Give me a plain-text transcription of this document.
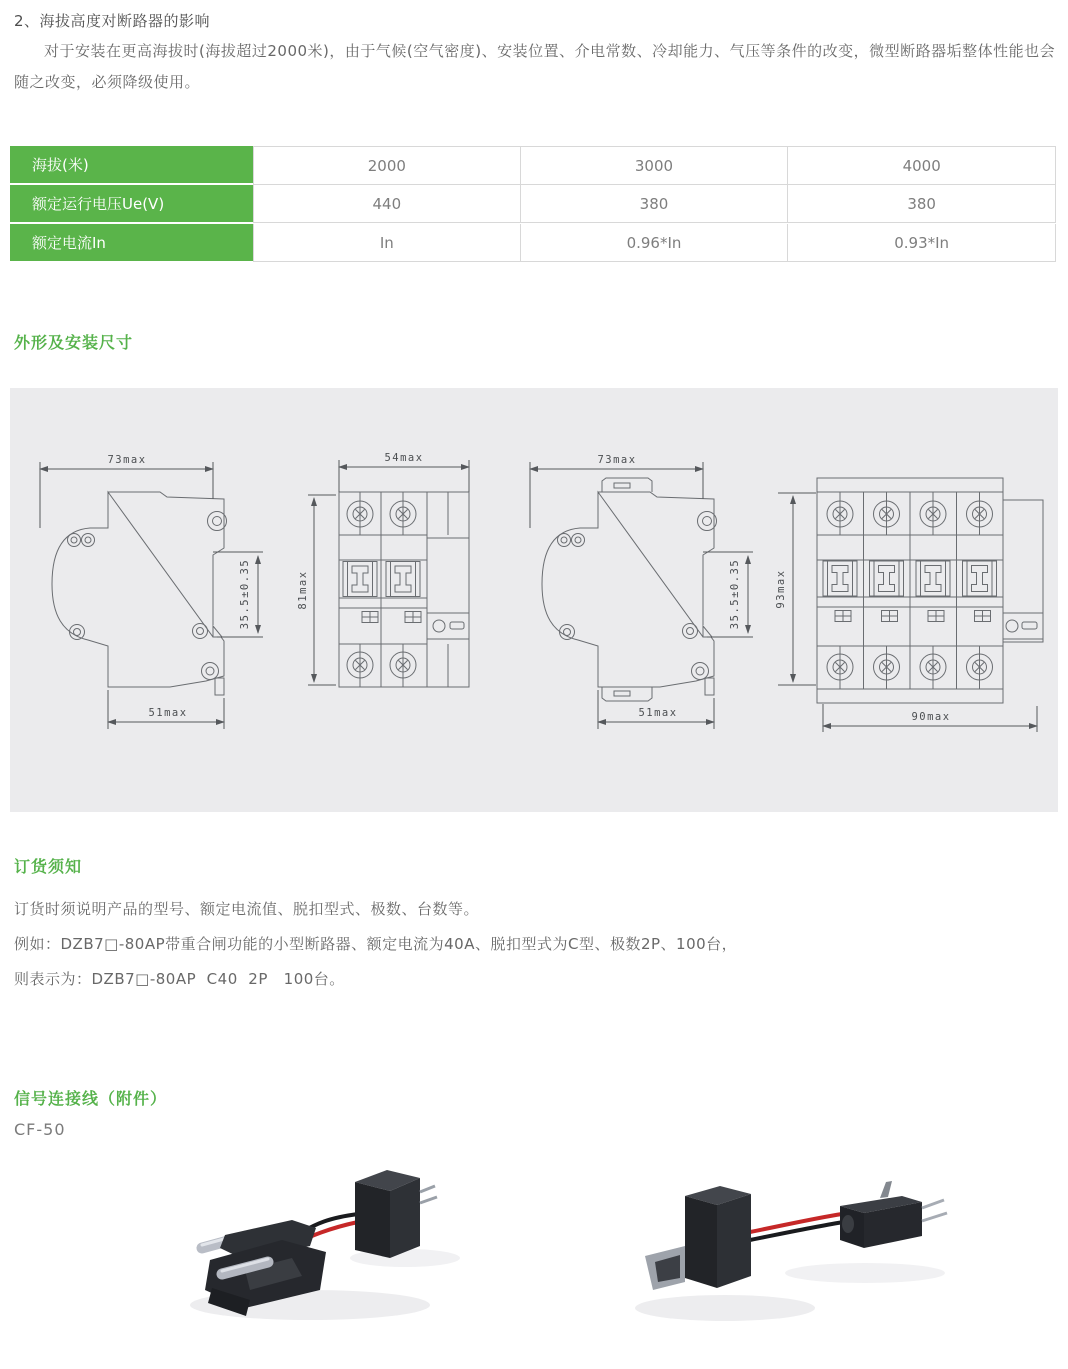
2、海拔高度对断路器的影响

对于安装在更高海拔时(海拔超过2000米)，由于气候(空气密度)、安装位置、介电常数、冷却能力、气压等条件的改变，微型断路器垢整体性能也会随之改变，必须降级使用。

海拔(米)	2000	3000	4000
额定运行电压Ue(V)	440	380	380
额定电流In	In	0.96*In	0.93*In
外形及安装尺寸
54max
81max	93max
90max
订货须知
订货时须说明产品的型号、额定电流值、脱扣型式、极数、台数等。
例如：DZB7□-80AP带重合闸功能的小型断路器、额定电流为40A、脱扣型式为C型、极数2P、100台，
则表示为：DZB7□-80AP  C40  2P   100台。
信号连接线（附件）
CF-50
